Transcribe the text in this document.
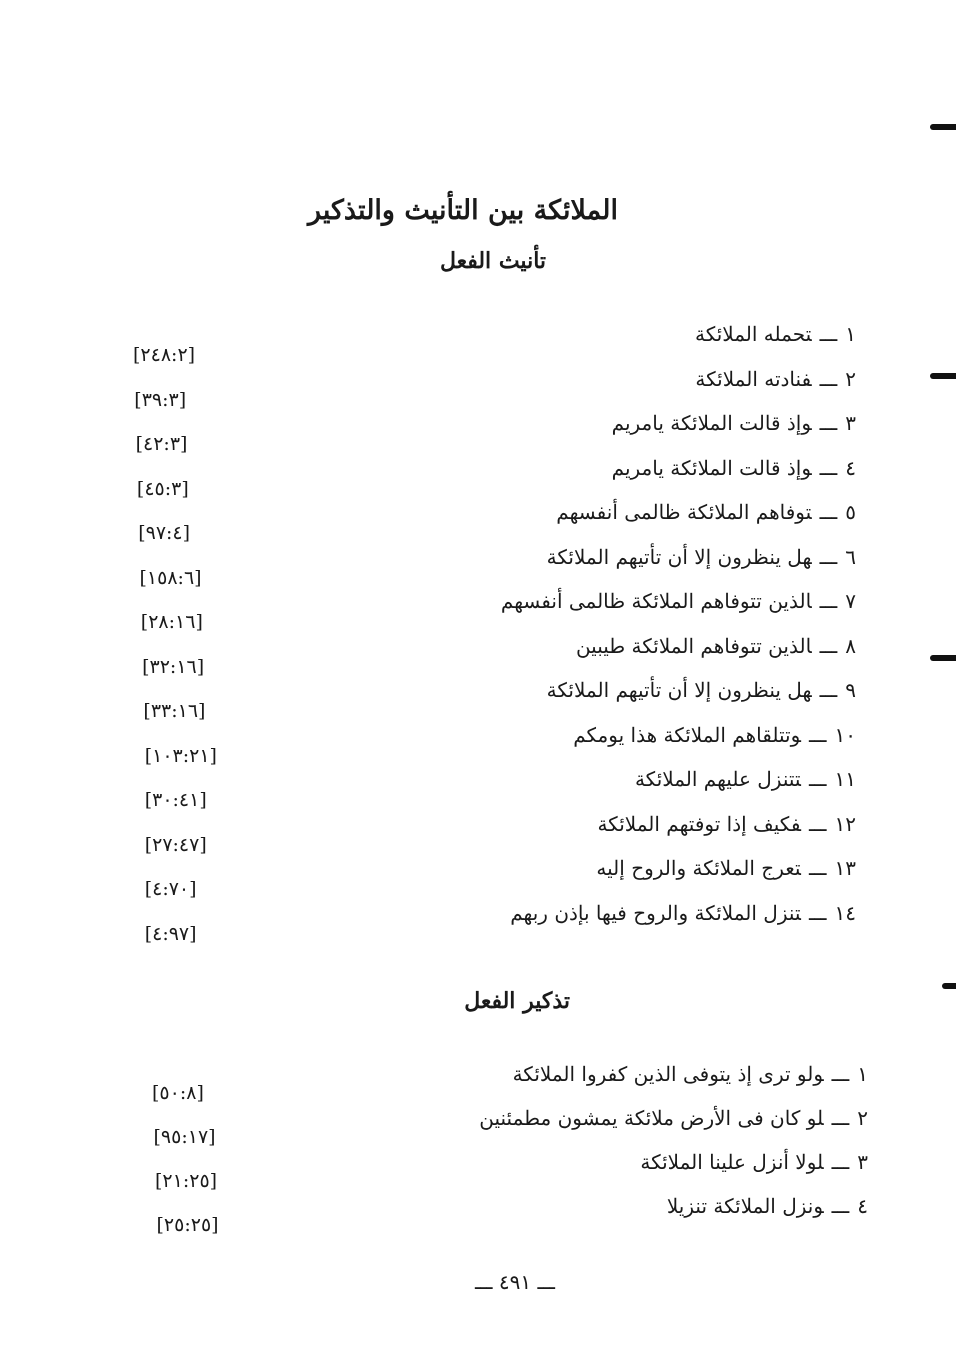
الملائكة بين التأنيث والتذكير
تأنيث الفعل
١ـــتحمله الملائكة
[٢٤٨:٢]
٢ـــفنادته الملائكة
[٣٩:٣]
٣ـــوإذ قالت الملائكة يامريم
[٤٢:٣]
٤ـــوإذ قالت الملائكة يامريم
[٤٥:٣]
٥ـــتوفاهم الملائكة ظالمى أنفسهم
[٩٧:٤]
٦ـــهل ينظرون إلا أن تأتيهم الملائكة
[١٥٨:٦]
٧ـــالذين تتوفاهم الملائكة ظالمى أنفسهم
[٢٨:١٦]
٨ـــالذين تتوفاهم الملائكة طيبين
[٣٢:١٦]
٩ـــهل ينظرون إلا أن تأتيهم الملائكة
[٣٣:١٦]
١٠ـــوتتلقاهم الملائكة هذا يومكم
[١٠٣:٢١]
١١ـــتتنزل عليهم الملائكة
[٣٠:٤١]
١٢ـــفكيف إذا توفتهم الملائكة
[٢٧:٤٧]
١٣ـــتعرج الملائكة والروح إليه
[٤:٧٠]
١٤ـــتنزل الملائكة والروح فيها بإذن ربهم
[٤:٩٧]
تذكير الفعل
١ـــولو ترى إذ يتوفى الذين كفروا الملائكة
[٥٠:٨]
٢ـــلو كان فى الأرض ملائكة يمشون مطمئنين
[٩٥:١٧]
٣ـــلولا أنزل علينا الملائكة
[٢١:٢٥]
٤ـــونزل الملائكة تنزيلا
[٢٥:٢٥]
ـــ ٤٩١ ـــ
